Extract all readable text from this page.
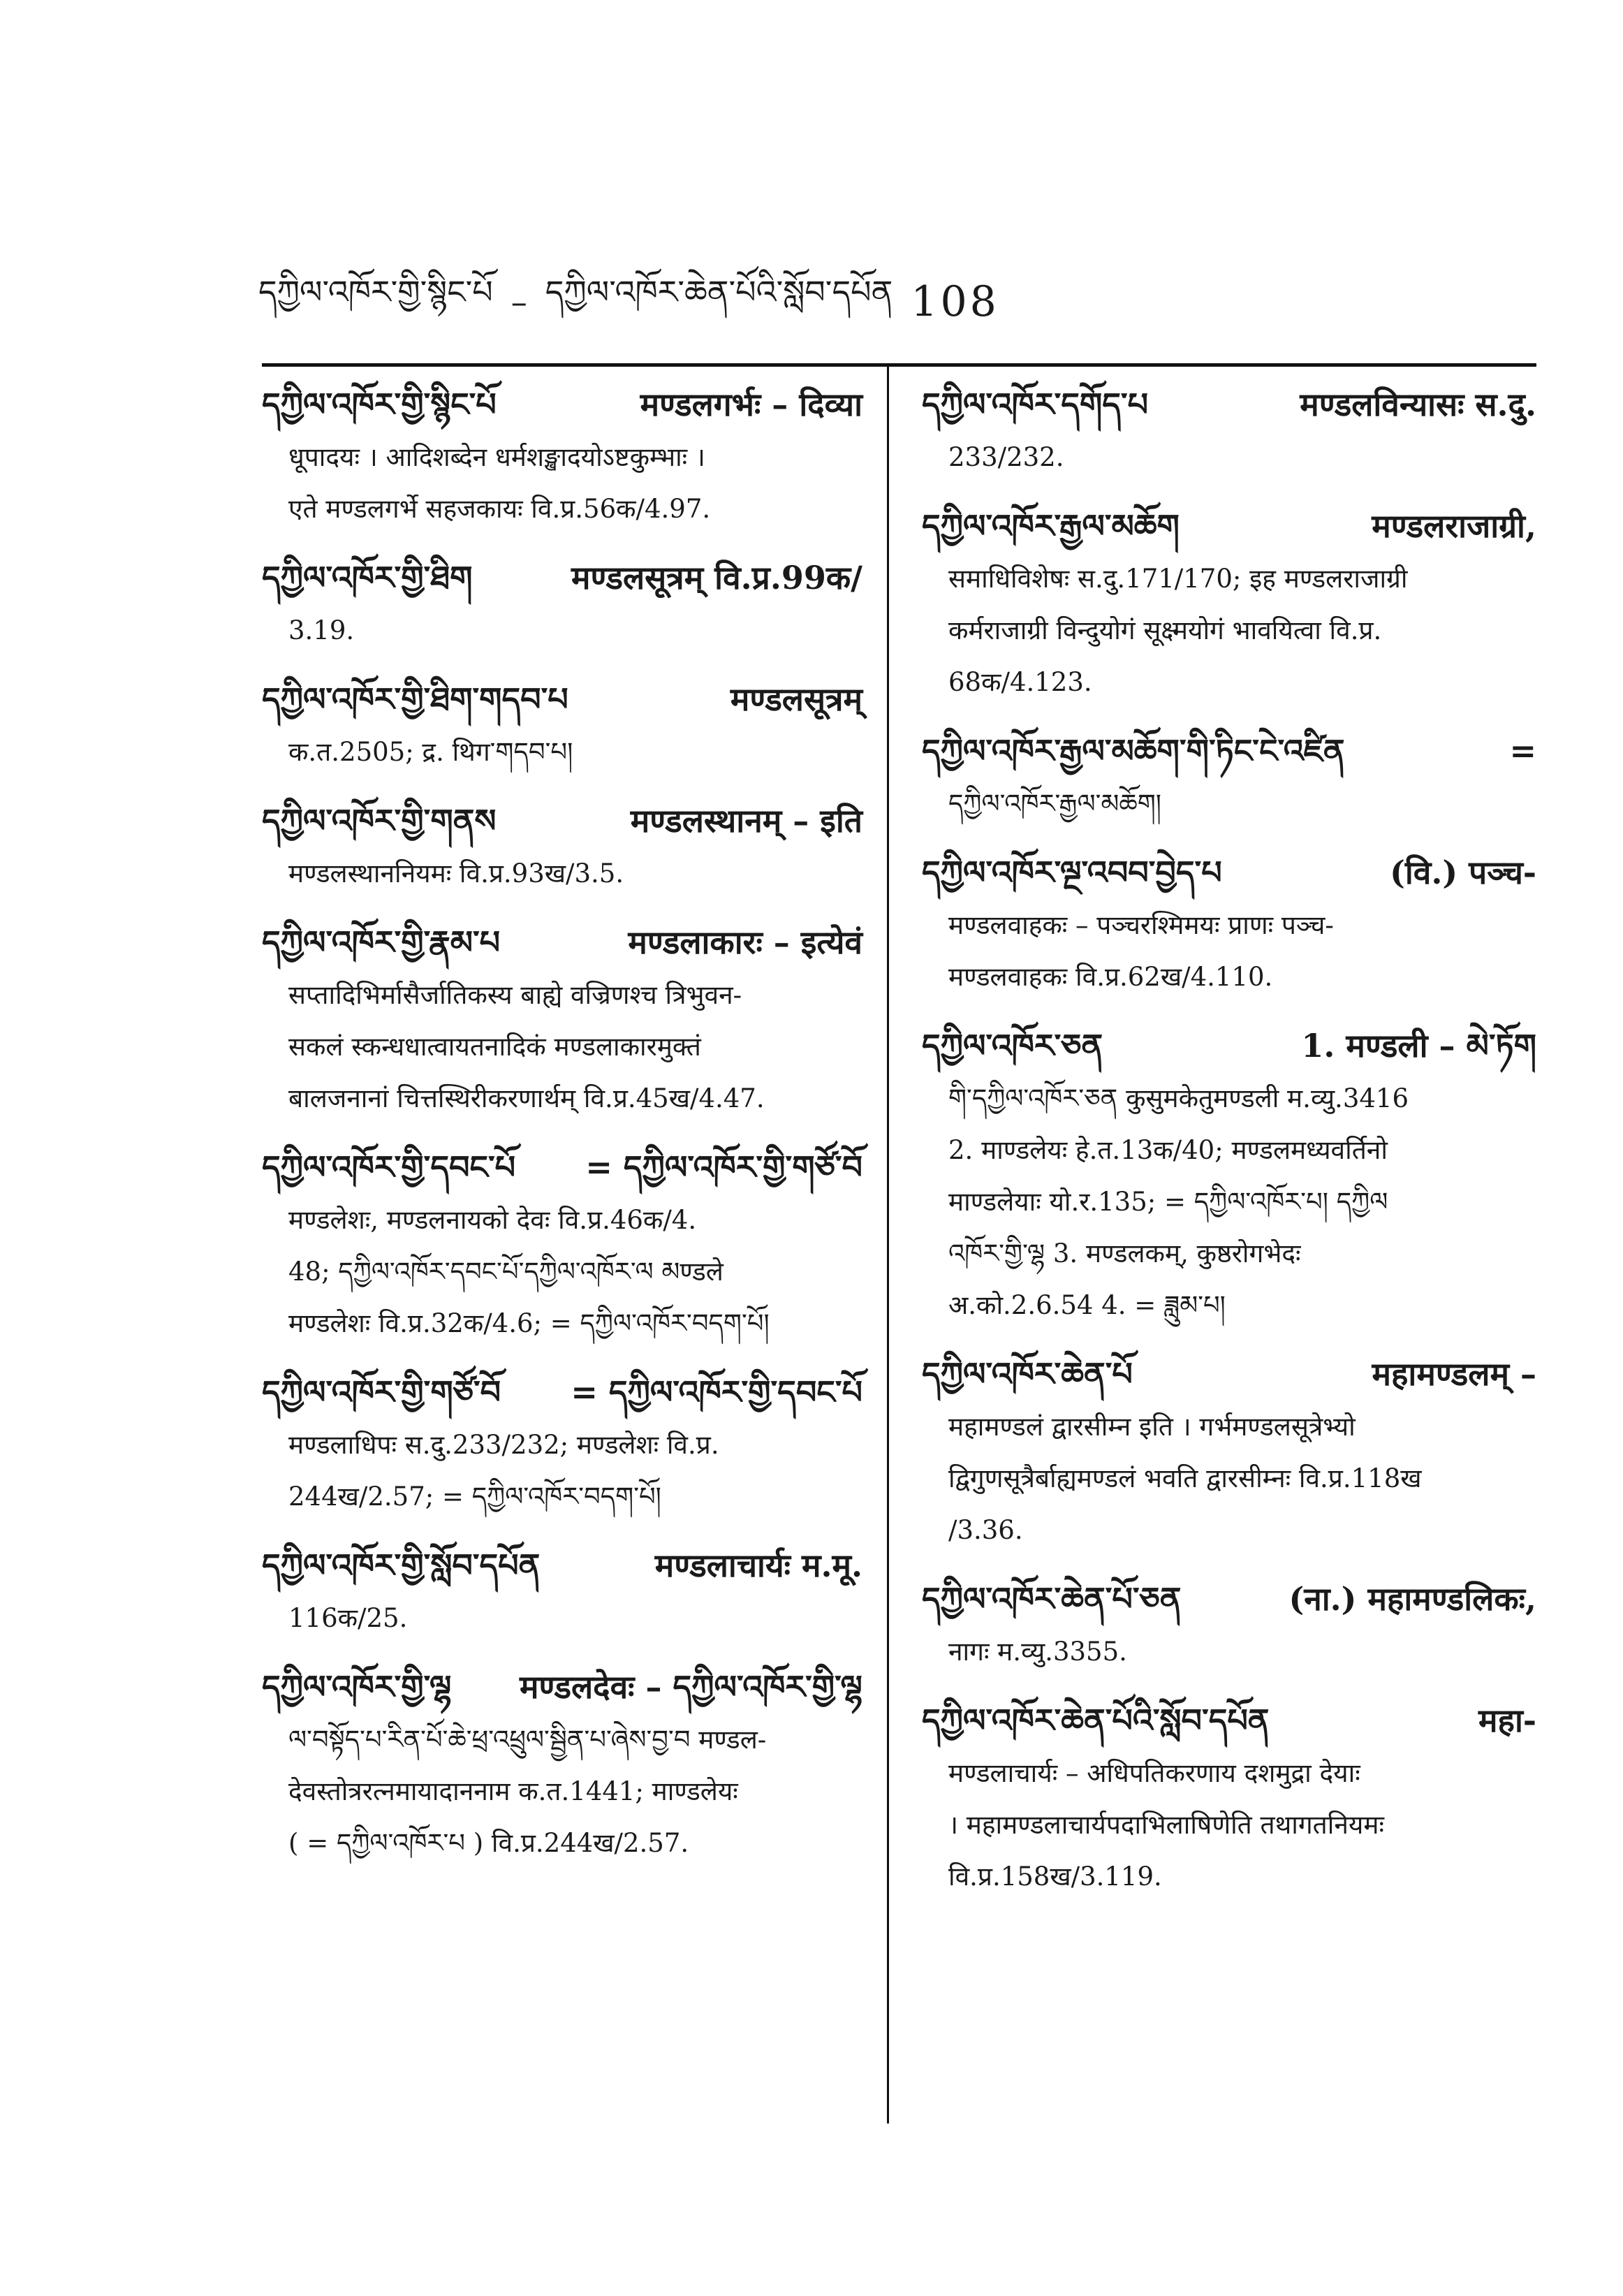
དཀྱིལ་འཁོར་གྱི་སྙིང་པོ – དཀྱིལ་འཁོར་ཆེན་པོའི་སློབ་དཔོན 108
དཀྱིལ་འཁོར་གྱི་སྙིང་པོ	मण्डलगर्भः – दिव्या
धूपादयः । आदिशब्देन धर्मशङ्खादयोऽष्टकुम्भाः ।
एते मण्डलगर्भे सहजकायः वि.प्र.56क/4.97.
དཀྱིལ་འཁོར་གྱི་ཐིག	मण्डलसूत्रम् वि.प्र.99क/
3.19.
དཀྱིལ་འཁོར་གྱི་ཐིག་གདབ་པ	मण्डलसूत्रम्
क.त.2505; द्र. थिग་གདབ་པ།
དཀྱིལ་འཁོར་གྱི་གནས	मण्डलस्थानम् – इति
मण्डलस्थाननियमः वि.प्र.93ख/3.5.
དཀྱིལ་འཁོར་གྱི་རྣམ་པ	मण्डलाकारः – इत्येवं
सप्तादिभिर्मासैर्जातिकस्य बाह्ये वज्रिणश्च त्रिभुवन-
सकलं स्कन्धधात्वायतनादिकं मण्डलाकारमुक्तं
बालजनानां चित्तस्थिरीकरणार्थम् वि.प्र.45ख/4.47.
དཀྱིལ་འཁོར་གྱི་དབང་པོ = དཀྱིལ་འཁོར་གྱི་གཙོ་བོ
मण्डलेशः, मण्डलनायको देवः वि.प्र.46क/4.
48; དཀྱིལ་འཁོར་དབང་པོ་དཀྱིལ་འཁོར་ལ མण्डले
मण्डलेशः वि.प्र.32क/4.6; = དཀྱིལ་འཁོར་བདག་པོ།
དཀྱིལ་འཁོར་གྱི་གཙོ་བོ = དཀྱིལ་འཁོར་གྱི་དབང་པོ
मण्डलाधिपः स.दु.233/232; मण्डलेशः वि.प्र.
244ख/2.57; = དཀྱིལ་འཁོར་བདག་པོ།
དཀྱིལ་འཁོར་གྱི་སློབ་དཔོན	मण्डलाचार्यः म.मू.
116क/25.
དཀྱིལ་འཁོར་གྱི་ལྷ मण्डलदेवः – དཀྱིལ་འཁོར་གྱི་ལྷ
ལ་བསྟོད་པ་རིན་པོ་ཆེ་ཕྲ་འཕྲུལ་སྦྱིན་པ་ཞེས་བྱ་བ मण्डल-
देवस्तोत्ररत्नमायादाननाम क.त.1441; माण्डलेयः
( = དཀྱིལ་འཁོར་པ ) वि.प्र.244ख/2.57.
དཀྱིལ་འཁོར་དགོད་པ	मण्डलविन्यासः स.दु.
233/232.
དཀྱིལ་འཁོར་རྒྱལ་མཆོག	मण्डलराजाग्री,
समाधिविशेषः स.दु.171/170; इह मण्डलराजाग्री
कर्मराजाग्री विन्दुयोगं सूक्ष्मयोगं भावयित्वा वि.प्र.
68क/4.123.
དཀྱིལ་འཁོར་རྒྱལ་མཆོག་གི་ཏིང་ངེ་འཛིན	=
དཀྱིལ་འཁོར་རྒྱལ་མཆོག།
དཀྱིལ་འཁོར་ལྔ་འབབ་བྱེད་པ	(वि.) पञ्च-
मण्डलवाहकः – पञ्चरश्मिमयः प्राणः पञ्च-
मण्डलवाहकः वि.प्र.62ख/4.110.
དཀྱིལ་འཁོར་ཅན	1. मण्डली – མེ་ཏོག
གི་དཀྱིལ་འཁོར་ཅན कुसुमकेतुमण्डली म.व्यु.3416
2. माण्डलेयः हे.त.13क/40; मण्डलमध्यवर्तिनो
माण्डलेयाः यो.र.135; = དཀྱིལ་འཁོར་པ། དཀྱིལ
འཁོར་གྱི་ལྷ 3. मण्डलकम्, कुष्ठरोगभेदः
अ.को.2.6.54 4. = ཟླུམ་པ།
དཀྱིལ་འཁོར་ཆེན་པོ	महामण्डलम् –
महामण्डलं द्वारसीम्न इति । गर्भमण्डलसूत्रेभ्यो
द्विगुणसूत्रैर्बाह्यमण्डलं भवति द्वारसीम्नः वि.प्र.118ख
/3.36.
དཀྱིལ་འཁོར་ཆེན་པོ་ཅན	(ना.) महामण्डलिकः,
नागः म.व्यु.3355.
དཀྱིལ་འཁོར་ཆེན་པོའི་སློབ་དཔོན	महा-
मण्डलाचार्यः – अधिपतिकरणाय दशमुद्रा देयाः
। महामण्डलाचार्यपदाभिलाषिणेति तथागतनियमः
वि.प्र.158ख/3.119.
